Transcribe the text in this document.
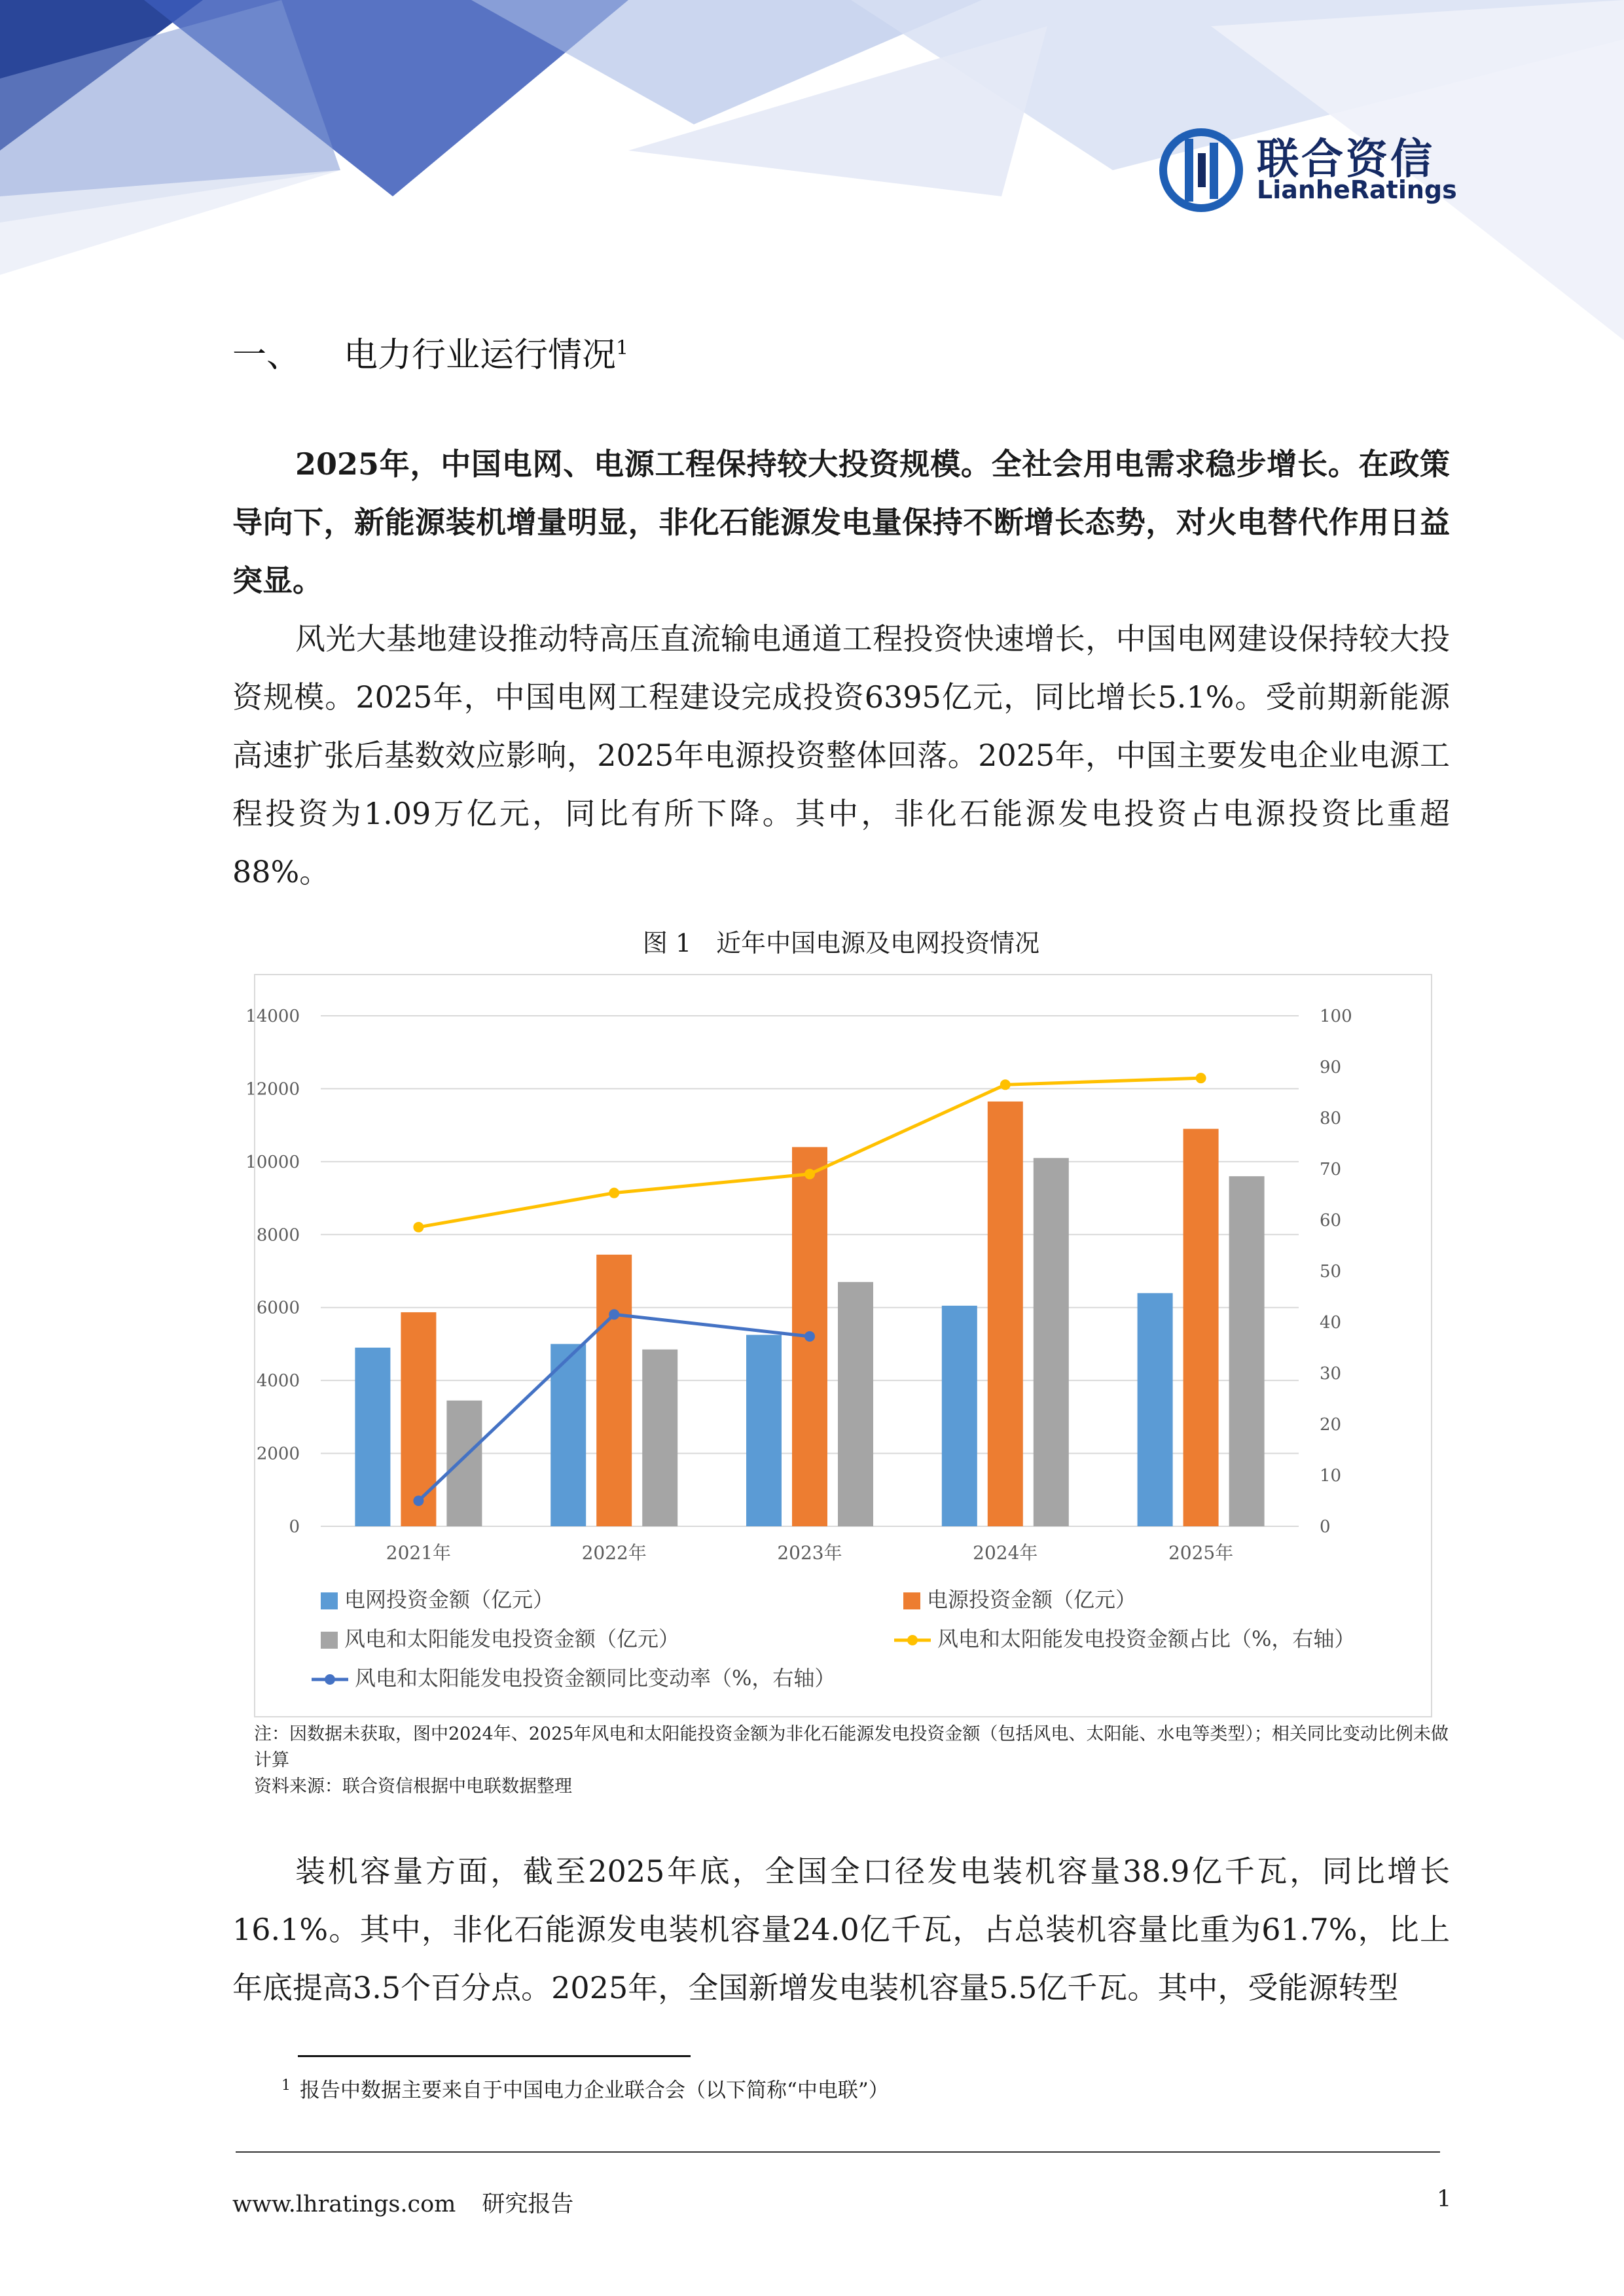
联合资信
LianheRatings
一、 电力行业运行情况$^1$
2025年，中国电网、电源工程保持较大投资规模。全社会用电需求稳步增长。在政策导向下，新能源装机增量明显，非化石能源发电量保持不断增长态势，对火电替代作用日益突显。
风光大基地建设推动特高压直流输电通道工程投资快速增长，中国电网建设保持较大投资规模。2025年，中国电网工程建设完成投资6395亿元，同比增长5.1%。受前期新能源高速扩张后基数效应影响，2025年电源投资整体回落。2025年，中国主要发电企业电源工程投资为1.09万亿元，同比有所下降。其中，非化石能源发电投资占电源投资比重超88%。
图 1　近年中国电源及电网投资情况
0
2000
4000
6000
8000
10000
12000
14000
0
10
20
30
40
50
60
70
80
90
100
2021年	2022年	2023年	2024年	2025年
电网投资金额（亿元）	电源投资金额（亿元）
风电和太阳能发电投资金额（亿元）	风电和太阳能发电投资金额占比（%，右轴）
风电和太阳能发电投资金额同比变动率（%，右轴）
注：因数据未获取，图中2024年、2025年风电和太阳能投资金额为非化石能源发电投资金额（包括风电、太阳能、水电等类型）；相关同比变动比例未做计算
资料来源：联合资信根据中电联数据整理
装机容量方面，截至2025年底，全国全口径发电装机容量38.9亿千瓦，同比增长16.1%。其中，非化石能源发电装机容量24.0亿千瓦，占总装机容量比重为61.7%，比上年底提高3.5个百分点。2025年，全国新增发电装机容量5.5亿千瓦。其中，受能源转型
$^1$ 报告中数据主要来自于中国电力企业联合会（以下简称“中电联”）
www.lhratings.com 研究报告	1
